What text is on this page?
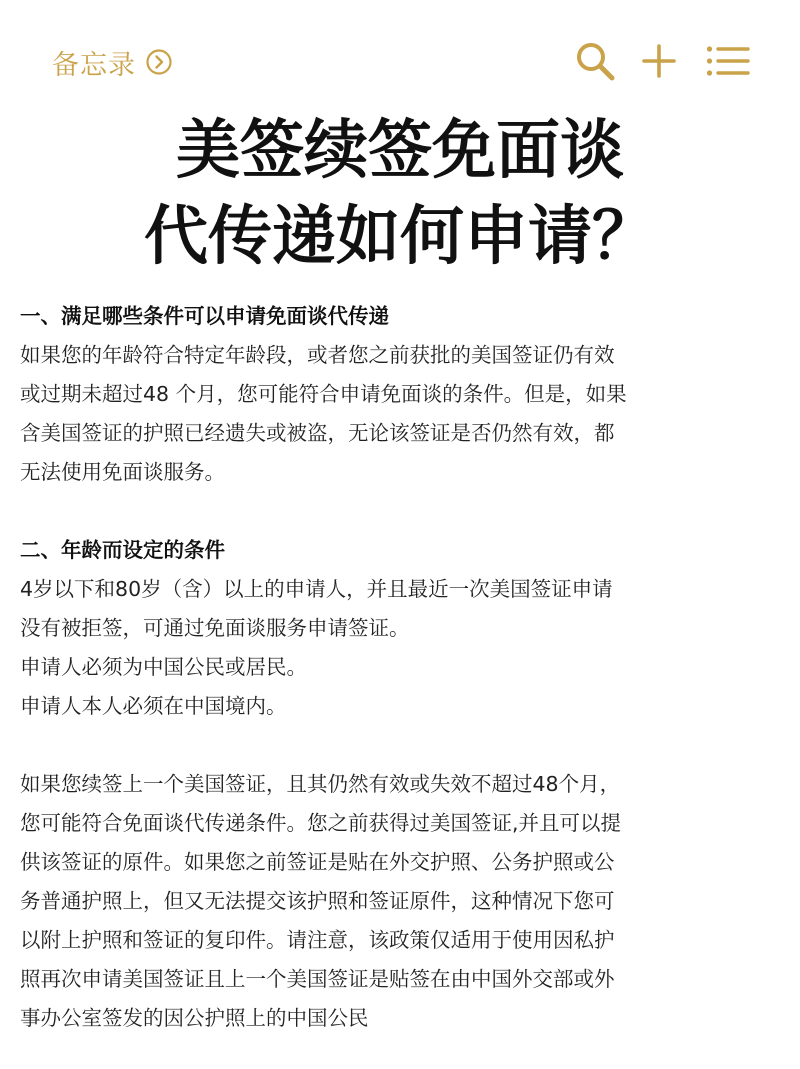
备忘录
美签续签免面谈
代传递如何申请？

一、满足哪些条件可以申请免面谈代传递

如果您的年龄符合特定年龄段，或者您之前获批的美国签证仍有效

或过期未超过48 个月，您可能符合申请免面谈的条件。但是，如果

含美国签证的护照已经遗失或被盗，无论该签证是否仍然有效，都

无法使用免面谈服务。

二、年龄而设定的条件

4岁以下和80岁（含）以上的申请人，并且最近一次美国签证申请

没有被拒签，可通过免面谈服务申请签证。

申请人必须为中国公民或居民。

申请人本人必须在中国境内。

如果您续签上一个美国签证，且其仍然有效或失效不超过48个月，

您可能符合免面谈代传递条件。您之前获得过美国签证,并且可以提

供该签证的原件。如果您之前签证是贴在外交护照、公务护照或公

务普通护照上，但又无法提交该护照和签证原件，这种情况下您可

以附上护照和签证的复印件。请注意，该政策仅适用于使用因私护

照再次申请美国签证且上一个美国签证是贴签在由中国外交部或外

事办公室签发的因公护照上的中国公民
